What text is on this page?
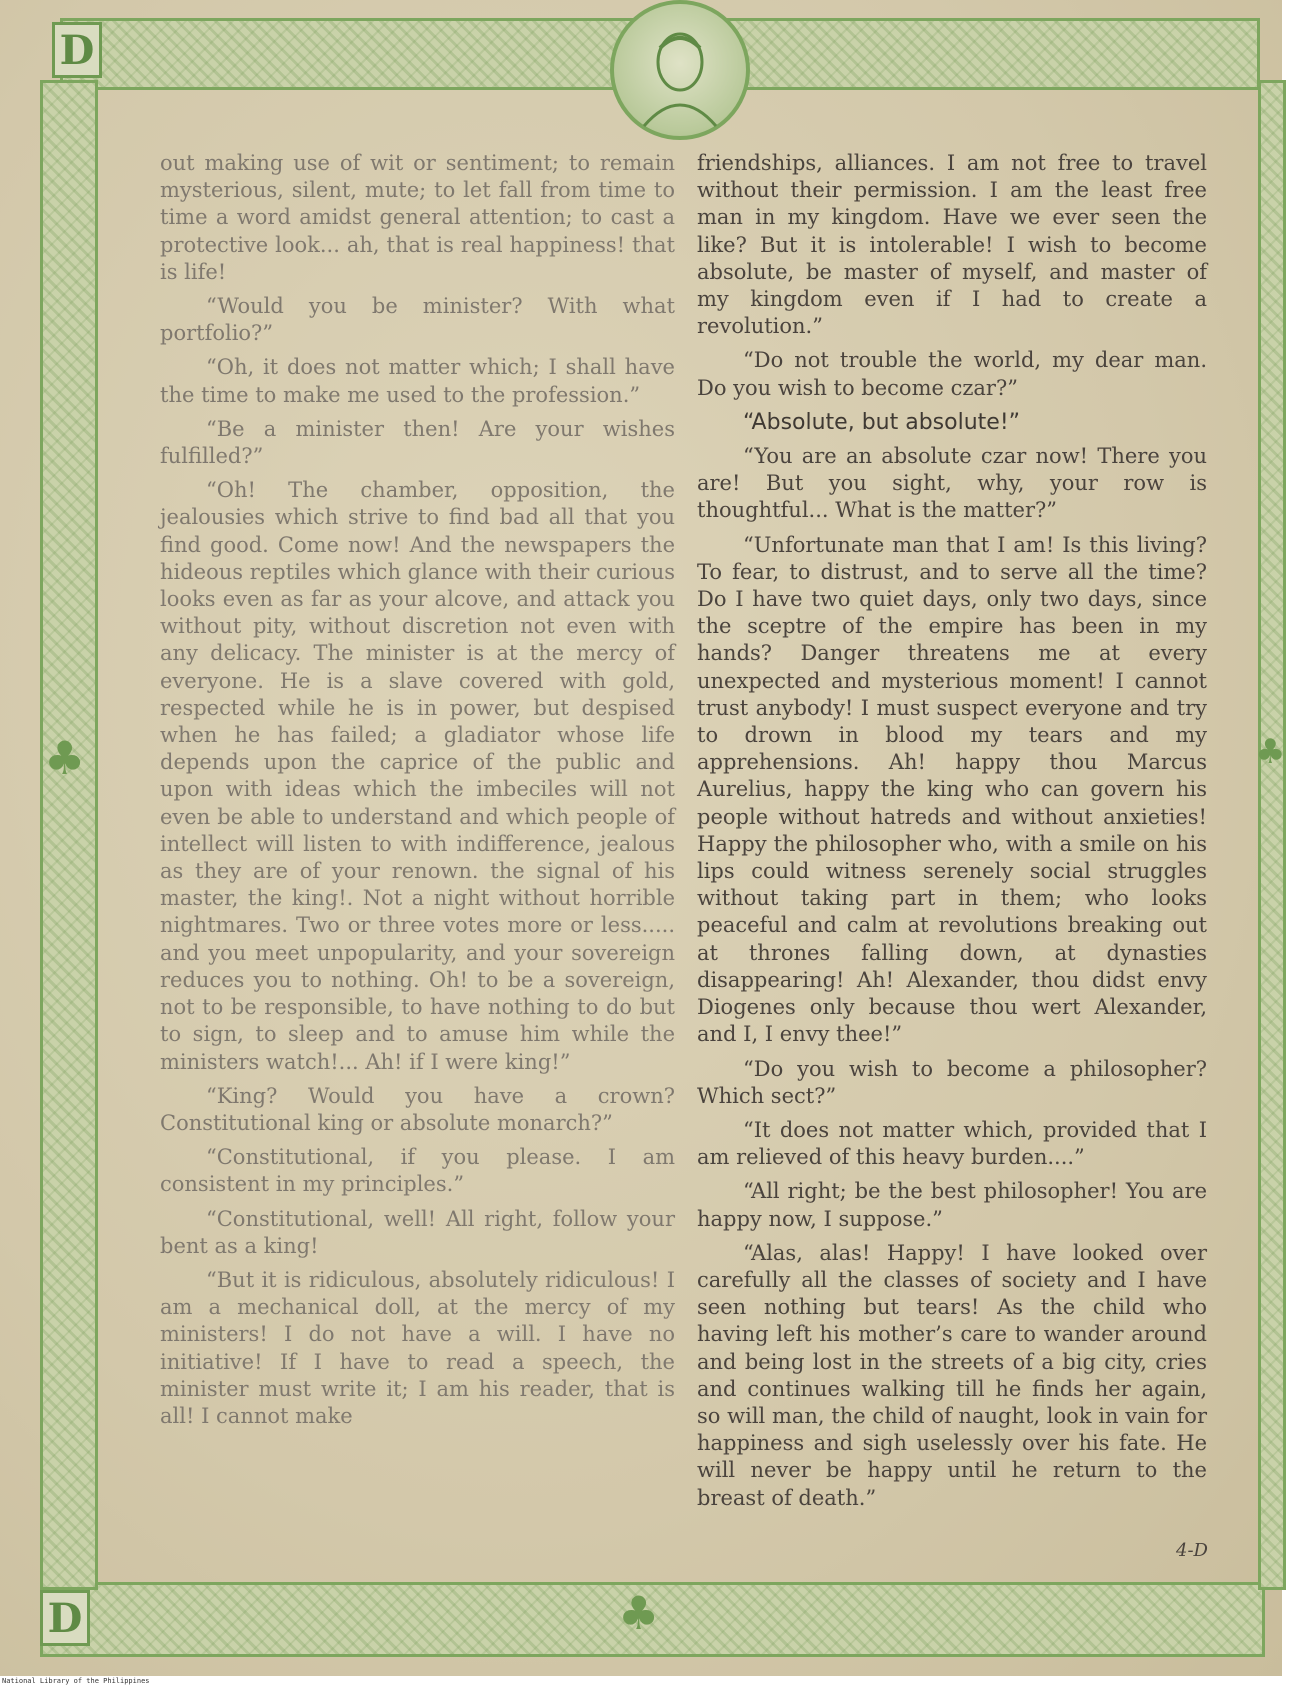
D
D
♣
♣
♣

out making use of wit or sentiment; to remain mysterious, silent, mute; to let fall from time to time a word amidst general attention; to cast a protective look... ah, that is real happiness! that is life!

“Would you be minister? With what portfolio?”

“Oh, it does not matter which; I shall have the time to make me used to the profession.”

“Be a minister then! Are your wishes fulfilled?”

“Oh! The chamber, opposition, the jealousies which strive to find bad all that you find good. Come now! And the newspapers the hideous reptiles which glance with their curious looks even as far as your alcove, and attack you without pity, without discretion not even with any delicacy. The minister is at the mercy of everyone. He is a slave covered with gold, respected while he is in power, but despised when he has failed; a gladiator whose life depends upon the caprice of the public and upon with ideas which the imbeciles will not even be able to understand and which people of intellect will listen to with indifference, jealous as they are of your renown. the signal of his master, the king!. Not a night without horrible nightmares. Two or three votes more or less..... and you meet unpopularity, and your sovereign reduces you to nothing. Oh! to be a sovereign, not to be responsible, to have nothing to do but to sign, to sleep and to amuse him while the ministers watch!... Ah! if I were king!”

“King? Would you have a crown? Constitutional king or absolute monarch?”

“Constitutional, if you please. I am consistent in my principles.”

“Constitutional, well! All right, follow your bent as a king!

“But it is ridiculous, absolutely ridiculous! I am a mechanical doll, at the mercy of my ministers! I do not have a will. I have no initiative! If I have to read a speech, the minister must write it; I am his reader, that is all! I cannot make

friendships, alliances. I am not free to travel without their permission. I am the least free man in my kingdom. Have we ever seen the like? But it is intolerable! I wish to become absolute, be master of myself, and master of my kingdom even if I had to create a revolution.”

“Do not trouble the world, my dear man. Do you wish to become czar?”

“Absolute, but absolute!”

“You are an absolute czar now! There you are! But you sight, why, your row is thoughtful... What is the matter?”

“Unfortunate man that I am! Is this living? To fear, to distrust, and to serve all the time? Do I have two quiet days, only two days, since the sceptre of the empire has been in my hands? Danger threatens me at every unexpected and mysterious moment! I cannot trust anybody! I must suspect everyone and try to drown in blood my tears and my apprehensions. Ah! happy thou Marcus Aurelius, happy the king who can govern his people without hatreds and without anxieties! Happy the philosopher who, with a smile on his lips could witness serenely social struggles without taking part in them; who looks peaceful and calm at revolutions breaking out at thrones falling down, at dynasties disappearing! Ah! Alexander, thou didst envy Diogenes only because thou wert Alexander, and I, I envy thee!”

“Do you wish to become a philosopher? Which sect?”

“It does not matter which, provided that I am relieved of this heavy burden....”

“All right; be the best philosopher! You are happy now, I suppose.”

“Alas, alas! Happy! I have looked over carefully all the classes of society and I have seen nothing but tears! As the child who having left his mother’s care to wander around and being lost in the streets of a big city, cries and continues walking till he finds her again, so will man, the child of naught, look in vain for happiness and sigh uselessly over his fate. He will never be happy until he return to the breast of death.”

4-D
National Library of the Philippines
